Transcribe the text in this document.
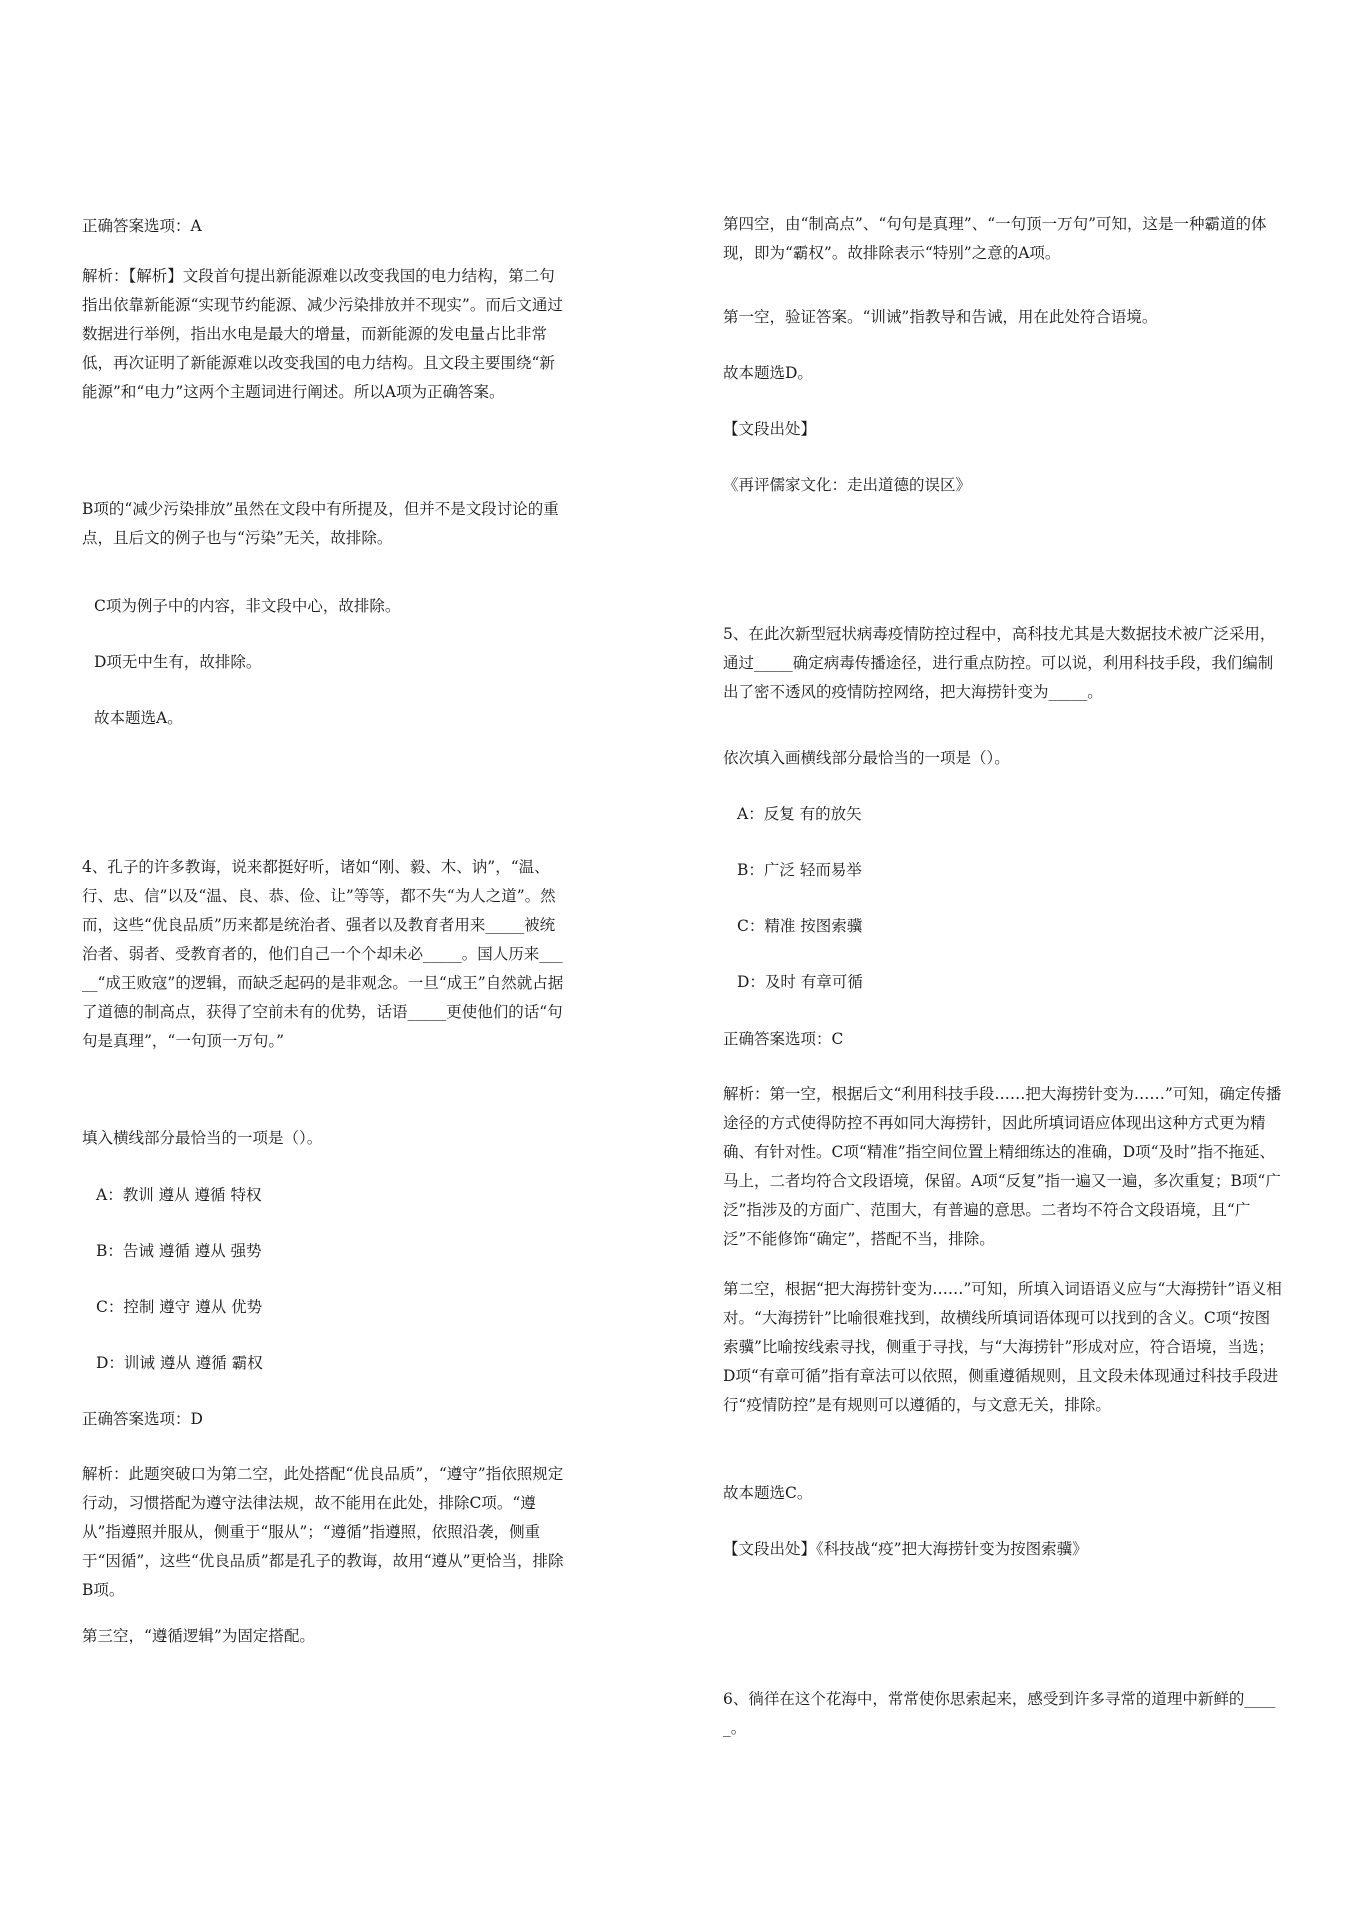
正确答案选项：A

解析：【解析】文段首句提出新能源难以改变我国的电力结构，第二句指出依靠新能源“实现节约能源、减少污染排放并不现实”。而后文通过数据进行举例，指出水电是最大的增量，而新能源的发电量占比非常低，再次证明了新能源难以改变我国的电力结构。且文段主要围绕“新能源”和“电力”这两个主题词进行阐述。所以A项为正确答案。

B项的“减少污染排放”虽然在文段中有所提及，但并不是文段讨论的重点，且后文的例子也与“污染”无关，故排除。

C项为例子中的内容，非文段中心，故排除。

D项无中生有，故排除。

故本题选A。

4、孔子的许多教诲，说来都挺好听，诸如“刚、毅、木、讷”，“温、行、忠、信”以及“温、良、恭、俭、让”等等，都不失“为人之道”。然而，这些“优良品质”历来都是统治者、强者以及教育者用来_____被统治者、弱者、受教育者的，他们自己一个个却未必_____。国人历来_____“成王败寇”的逻辑，而缺乏起码的是非观念。一旦“成王”自然就占据了道德的制高点，获得了空前未有的优势，话语_____更使他们的话“句句是真理”，“一句顶一万句。”

填入横线部分最恰当的一项是（）。

A：教训 遵从 遵循 特权

B：告诫 遵循 遵从 强势

C：控制 遵守 遵从 优势

D：训诫 遵从 遵循 霸权

正确答案选项：D

解析：此题突破口为第二空，此处搭配“优良品质”，“遵守”指依照规定行动，习惯搭配为遵守法律法规，故不能用在此处，排除C项。“遵从”指遵照并服从，侧重于“服从”；“遵循”指遵照，依照沿袭，侧重于“因循”，这些“优良品质”都是孔子的教诲，故用“遵从”更恰当，排除B项。

第三空，“遵循逻辑”为固定搭配。

第四空，由“制高点”、“句句是真理”、“一句顶一万句”可知，这是一种霸道的体现，即为“霸权”。故排除表示“特别”之意的A项。

第一空，验证答案。“训诫”指教导和告诫，用在此处符合语境。

故本题选D。

【文段出处】

《再评儒家文化：走出道德的误区》

5、在此次新型冠状病毒疫情防控过程中，高科技尤其是大数据技术被广泛采用，通过_____确定病毒传播途径，进行重点防控。可以说，利用科技手段，我们编制出了密不透风的疫情防控网络，把大海捞针变为_____。

依次填入画横线部分最恰当的一项是（）。

A：反复 有的放矢

B：广泛 轻而易举

C：精准 按图索骥

D：及时 有章可循

正确答案选项：C

解析：第一空，根据后文“利用科技手段……把大海捞针变为……”可知，确定传播途径的方式使得防控不再如同大海捞针，因此所填词语应体现出这种方式更为精确、有针对性。C项“精准”指空间位置上精细练达的准确，D项“及时”指不拖延、马上，二者均符合文段语境，保留。A项“反复”指一遍又一遍，多次重复；B项“广泛”指涉及的方面广、范围大，有普遍的意思。二者均不符合文段语境，且“广泛”不能修饰“确定”，搭配不当，排除。

第二空，根据“把大海捞针变为……”可知，所填入词语语义应与“大海捞针”语义相对。“大海捞针”比喻很难找到，故横线所填词语体现可以找到的含义。C项“按图索骥”比喻按线索寻找，侧重于寻找，与“大海捞针”形成对应，符合语境，当选；D项“有章可循”指有章法可以依照，侧重遵循规则，且文段未体现通过科技手段进行“疫情防控”是有规则可以遵循的，与文意无关，排除。

故本题选C。

【文段出处】《科技战“疫”把大海捞针变为按图索骥》

6、徜徉在这个花海中，常常使你思索起来，感受到许多寻常的道理中新鲜的_____。
